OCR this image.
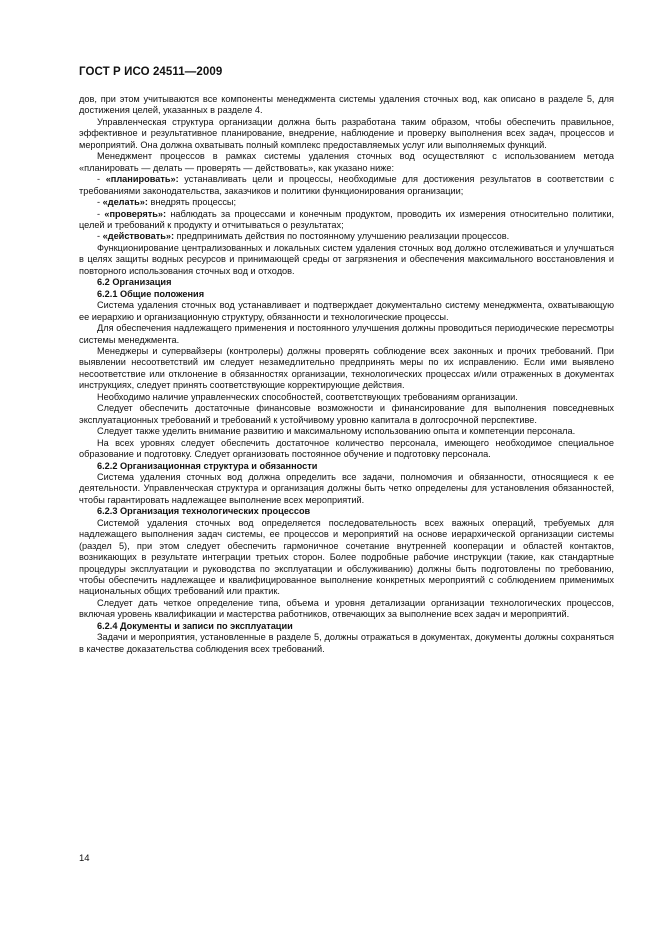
ГОСТ Р ИСО 24511—2009

дов, при этом учитываются все компоненты менеджмента системы удаления сточных вод, как описано в разделе 5, для достижения целей, указанных в разделе 4.

Управленческая структура организации должна быть разработана таким образом, чтобы обеспечить правильное, эффективное и результативное планирование, внедрение, наблюдение и проверку выполнения всех задач, процессов и мероприятий. Она должна охватывать полный комплекс предоставляемых услуг или выполняемых функций.

Менеджмент процессов в рамках системы удаления сточных вод осуществляют с использованием метода «планировать — делать — проверять — действовать», как указано ниже:

- «планировать»: устанавливать цели и процессы, необходимые для достижения результатов в соответствии с требованиями законодательства, заказчиков и политики функционирования организации;

- «делать»: внедрять процессы;

- «проверять»: наблюдать за процессами и конечным продуктом, проводить их измерения относительно политики, целей и требований к продукту и отчитываться о результатах;

- «действовать»: предпринимать действия по постоянному улучшению реализации процессов.

Функционирование централизованных и локальных систем удаления сточных вод должно отслеживаться и улучшаться в целях защиты водных ресурсов и принимающей среды от загрязнения и обеспечения максимального восстановления и повторного использования сточных вод и отходов.

6.2 Организация

6.2.1 Общие положения

Система удаления сточных вод устанавливает и подтверждает документально систему менеджмента, охватывающую ее иерархию и организационную структуру, обязанности и технологические процессы.

Для обеспечения надлежащего применения и постоянного улучшения должны проводиться периодические пересмотры системы менеджмента.

Менеджеры и супервайзеры (контролеры) должны проверять соблюдение всех законных и прочих требований. При выявлении несоответствий им следует незамедлительно предпринять меры по их исправлению. Если ими выявлено несоответствие или отклонение в обязанностях организации, технологических процессах и/или отраженных в документах инструкциях, следует принять соответствующие корректирующие действия.

Необходимо наличие управленческих способностей, соответствующих требованиям организации.

Следует обеспечить достаточные финансовые возможности и финансирование для выполнения повседневных эксплуатационных требований и требований к устойчивому уровню капитала в долгосрочной перспективе.

Следует также уделить внимание развитию и максимальному использованию опыта и компетенции персонала.

На всех уровнях следует обеспечить достаточное количество персонала, имеющего необходимое специальное образование и подготовку. Следует организовать постоянное обучение и подготовку персонала.

6.2.2 Организационная структура и обязанности

Система удаления сточных вод должна определить все задачи, полномочия и обязанности, относящиеся к ее деятельности. Управленческая структура и организация должны быть четко определены для установления обязанностей, чтобы гарантировать надлежащее выполнение всех мероприятий.

6.2.3 Организация технологических процессов

Системой удаления сточных вод определяется последовательность всех важных операций, требуемых для надлежащего выполнения задач системы, ее процессов и мероприятий на основе иерархической организации системы (раздел 5), при этом следует обеспечить гармоничное сочетание внутренней кооперации и областей контактов, возникающих в результате интеграции третьих сторон. Более подробные рабочие инструкции (такие, как стандартные процедуры эксплуатации и руководства по эксплуатации и обслуживанию) должны быть подготовлены по требованию, чтобы обеспечить надлежащее и квалифицированное выполнение конкретных мероприятий с соблюдением применимых национальных общих требований или практик.

Следует дать четкое определение типа, объема и уровня детализации организации технологических процессов, включая уровень квалификации и мастерства работников, отвечающих за выполнение всех задач и мероприятий.

6.2.4 Документы и записи по эксплуатации

Задачи и мероприятия, установленные в разделе 5, должны отражаться в документах, документы должны сохраняться в качестве доказательства соблюдения всех требований.

14
